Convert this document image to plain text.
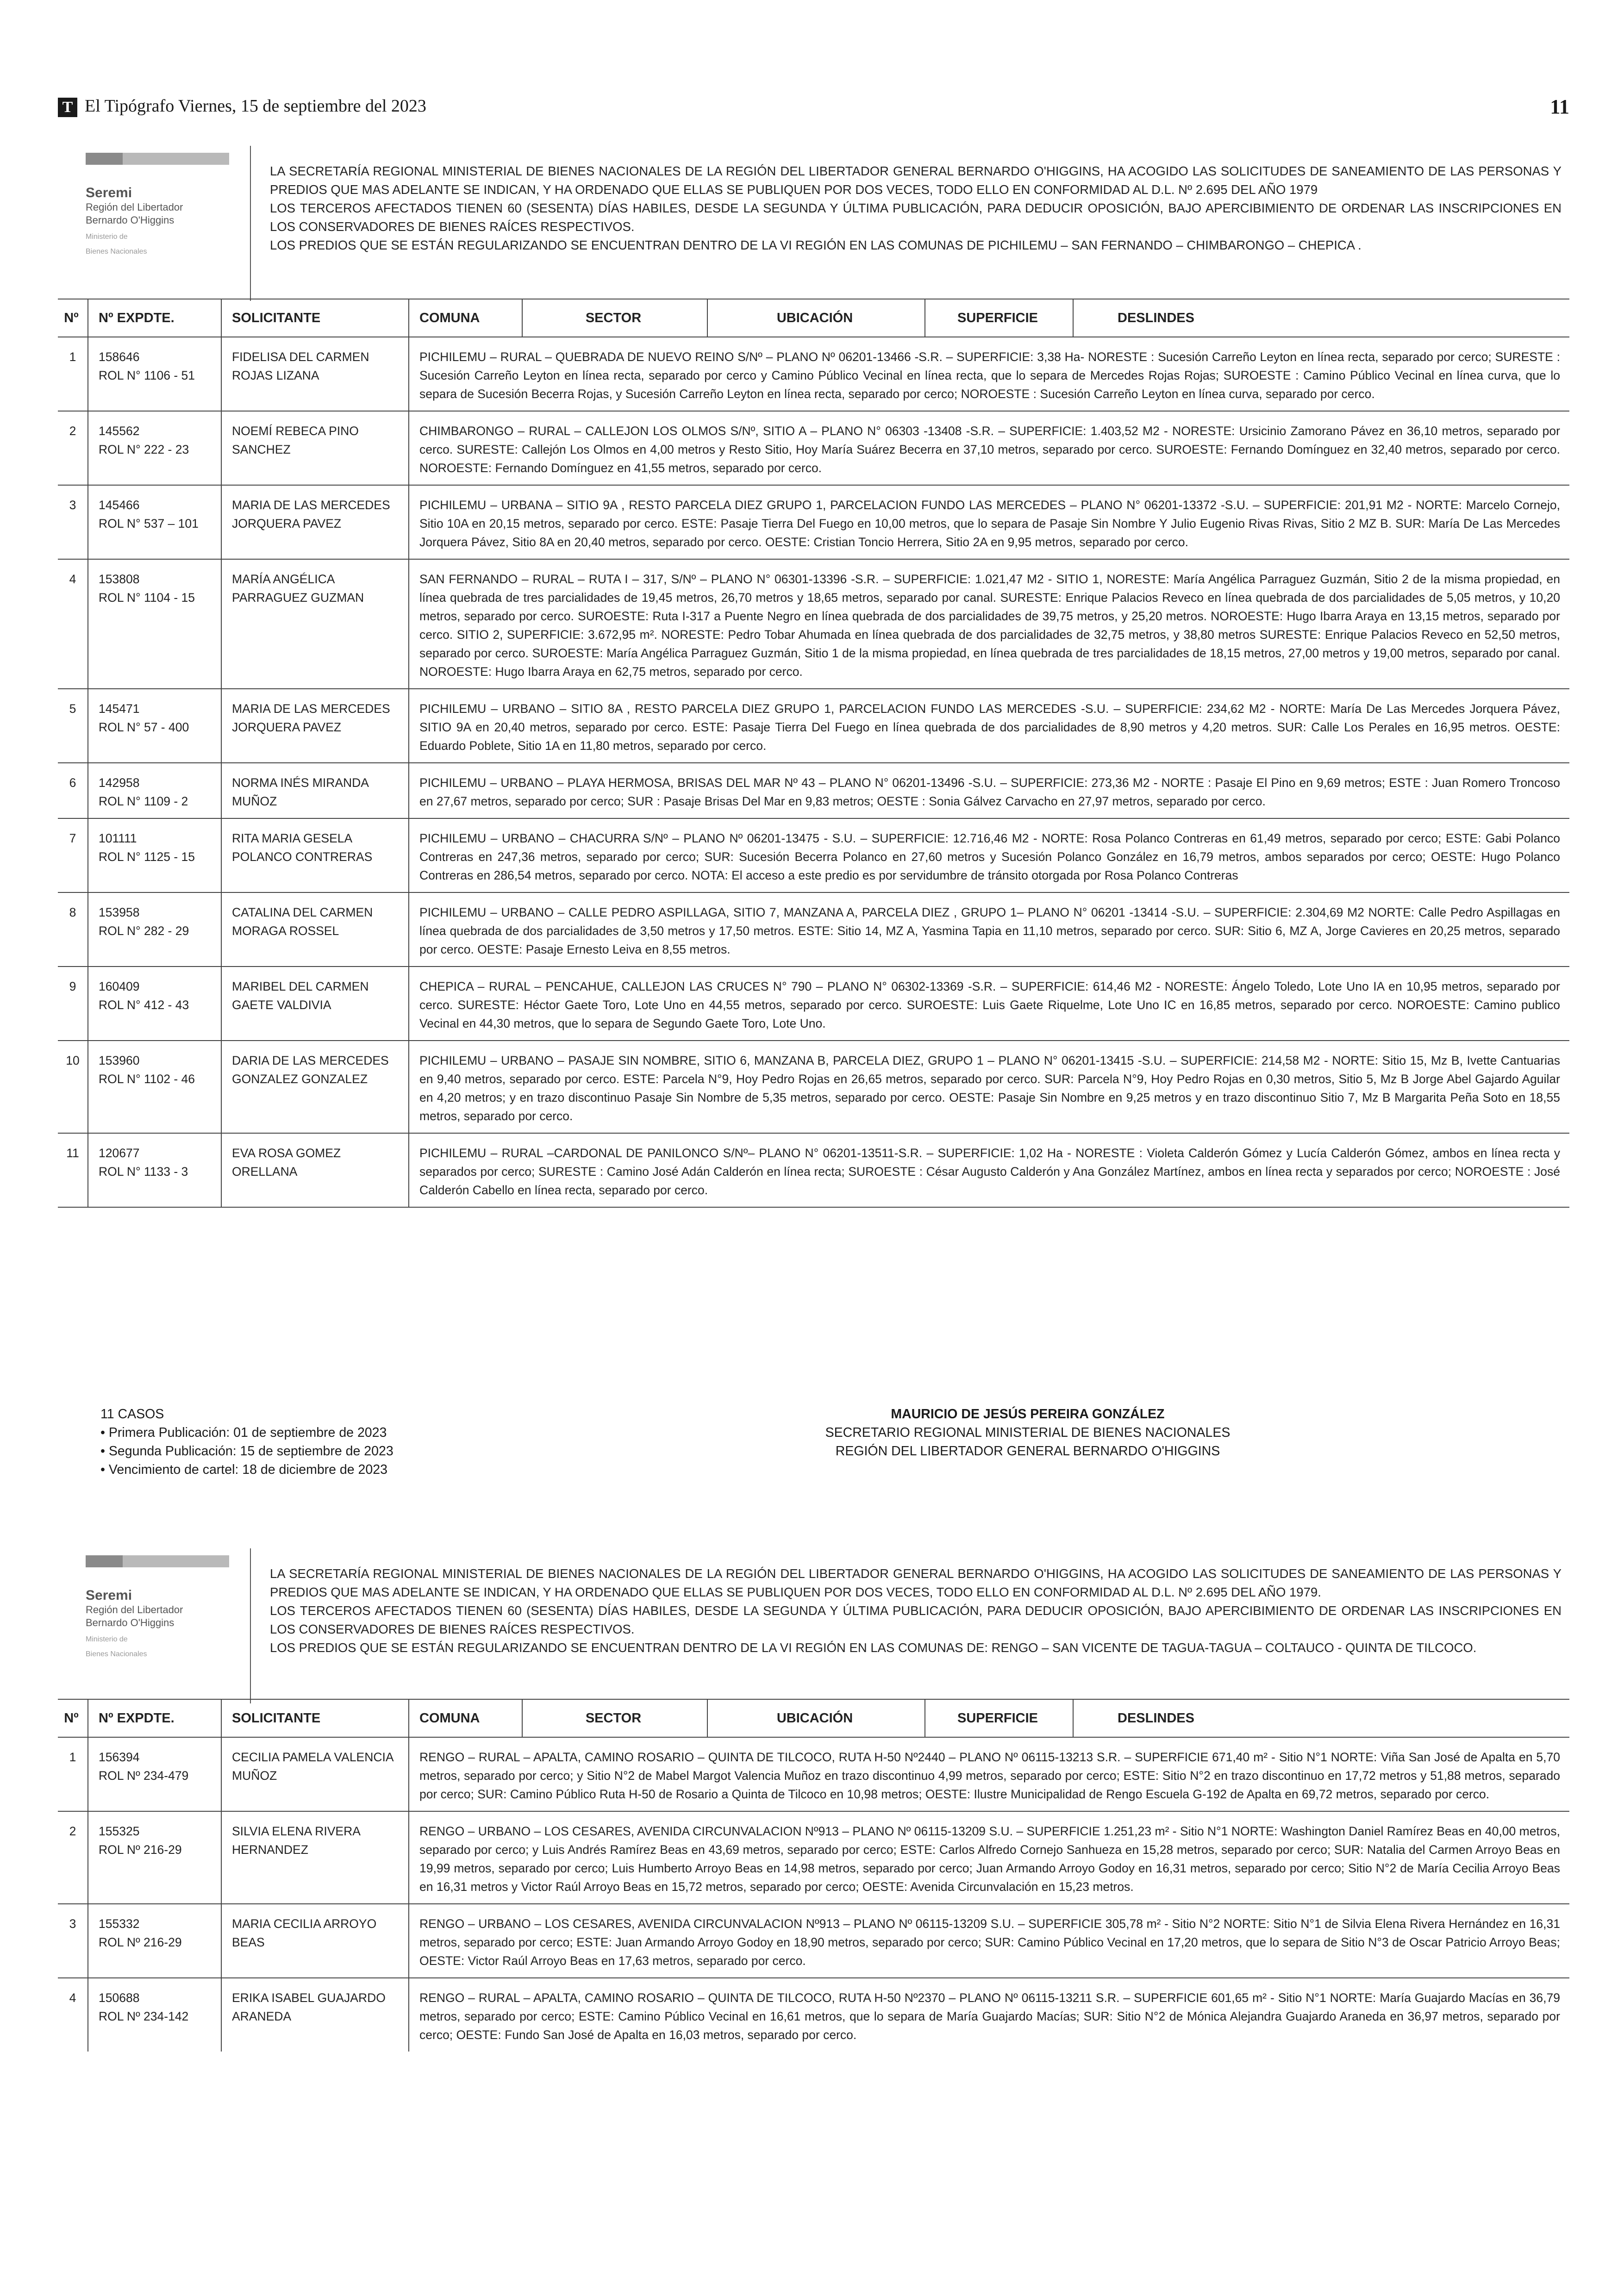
T El Tipógrafo Viernes, 15 de septiembre del 2023	11
Seremi
Región del Libertador
Bernardo O'Higgins
Ministerio de
Bienes Nacionales

LA SECRETARÍA REGIONAL MINISTERIAL DE BIENES NACIONALES DE LA REGIÓN DEL LIBERTADOR GENERAL BERNARDO O'HIGGINS, HA ACOGIDO LAS SOLICITUDES DE SANEAMIENTO DE LAS PERSONAS Y PREDIOS QUE MAS ADELANTE SE INDICAN, Y HA ORDENADO QUE ELLAS SE PUBLIQUEN POR DOS VECES, TODO ELLO EN CONFORMIDAD AL D.L. Nº 2.695 DEL AÑO 1979

LOS TERCEROS AFECTADOS TIENEN 60 (SESENTA) DÍAS HABILES, DESDE LA SEGUNDA Y ÚLTIMA PUBLICACIÓN, PARA DEDUCIR OPOSICIÓN, BAJO APERCIBIMIENTO DE ORDENAR LAS INSCRIPCIONES EN LOS CONSERVADORES DE BIENES RAÍCES RESPECTIVOS.

LOS PREDIOS QUE SE ESTÁN REGULARIZANDO SE ENCUENTRAN DENTRO DE LA VI REGIÓN EN LAS COMUNAS DE PICHILEMU – SAN FERNANDO – CHIMBARONGO – CHEPICA .

Nº	Nº EXPDTE.	SOLICITANTE	COMUNA	SECTOR	UBICACIÓN	SUPERFICIE	DESLINDES
1	158646
ROL N° 1106 - 51	FIDELISA DEL CARMEN ROJAS LIZANA	PICHILEMU – RURAL – QUEBRADA DE NUEVO REINO S/Nº – PLANO Nº 06201-13466 -S.R. – SUPERFICIE: 3,38 Ha- NORESTE : Sucesión Carreño Leyton en línea recta, separado por cerco; SURESTE : Sucesión Carreño Leyton en línea recta, separado por cerco y Camino Público Vecinal en línea recta, que lo separa de Mercedes Rojas Rojas; SUROESTE : Camino Público Vecinal en línea curva, que lo separa de Sucesión Becerra Rojas, y Sucesión Carreño Leyton en línea recta, separado por cerco; NOROESTE : Sucesión Carreño Leyton en línea curva, separado por cerco.				
2	145562
ROL N° 222 - 23	NOEMÍ REBECA PINO SANCHEZ	CHIMBARONGO – RURAL – CALLEJON LOS OLMOS S/Nº, SITIO A – PLANO N° 06303 -13408 -S.R. – SUPERFICIE: 1.403,52 M2 - NORESTE: Ursicinio Zamorano Pávez en 36,10 metros, separado por cerco. SURESTE: Callejón Los Olmos en 4,00 metros y Resto Sitio, Hoy María Suárez Becerra en 37,10 metros, separado por cerco. SUROESTE: Fernando Domínguez en 32,40 metros, separado por cerco. NOROESTE: Fernando Domínguez en 41,55 metros, separado por cerco.				
3	145466
ROL N° 537 – 101	MARIA DE LAS MERCEDES JORQUERA PAVEZ	PICHILEMU – URBANA – SITIO 9A , RESTO PARCELA DIEZ GRUPO 1, PARCELACION FUNDO LAS MERCEDES – PLANO N° 06201-13372 -S.U. – SUPERFICIE: 201,91 M2 - NORTE: Marcelo Cornejo, Sitio 10A en 20,15 metros, separado por cerco. ESTE: Pasaje Tierra Del Fuego en 10,00 metros, que lo separa de Pasaje Sin Nombre Y Julio Eugenio Rivas Rivas, Sitio 2 MZ B. SUR: María De Las Mercedes Jorquera Pávez, Sitio 8A en 20,40 metros, separado por cerco. OESTE: Cristian Toncio Herrera, Sitio 2A en 9,95 metros, separado por cerco.				
4	153808
ROL N° 1104 - 15	MARÍA ANGÉLICA PARRAGUEZ GUZMAN	SAN FERNANDO – RURAL – RUTA I – 317, S/Nº – PLANO N° 06301-13396 -S.R. – SUPERFICIE: 1.021,47 M2 - SITIO 1, NORESTE: María Angélica Parraguez Guzmán, Sitio 2 de la misma propiedad, en línea quebrada de tres parcialidades de 19,45 metros, 26,70 metros y 18,65 metros, separado por canal. SURESTE: Enrique Palacios Reveco en línea quebrada de dos parcialidades de 5,05 metros, y 10,20 metros, separado por cerco. SUROESTE: Ruta I-317 a Puente Negro en línea quebrada de dos parcialidades de 39,75 metros, y 25,20 metros. NOROESTE: Hugo Ibarra Araya en 13,15 metros, separado por cerco. SITIO 2, SUPERFICIE: 3.672,95 m². NORESTE: Pedro Tobar Ahumada en línea quebrada de dos parcialidades de 32,75 metros, y 38,80 metros SURESTE: Enrique Palacios Reveco en 52,50 metros, separado por cerco. SUROESTE: María Angélica Parraguez Guzmán, Sitio 1 de la misma propiedad, en línea quebrada de tres parcialidades de 18,15 metros, 27,00 metros y 19,00 metros, separado por canal. NOROESTE: Hugo Ibarra Araya en 62,75 metros, separado por cerco.				
5	145471
ROL N° 57 - 400	MARIA DE LAS MERCEDES JORQUERA PAVEZ	PICHILEMU – URBANO – SITIO 8A , RESTO PARCELA DIEZ GRUPO 1, PARCELACION FUNDO LAS MERCEDES -S.U. – SUPERFICIE: 234,62 M2 - NORTE: María De Las Mercedes Jorquera Pávez, SITIO 9A en 20,40 metros, separado por cerco. ESTE: Pasaje Tierra Del Fuego en línea quebrada de dos parcialidades de 8,90 metros y 4,20 metros. SUR: Calle Los Perales en 16,95 metros. OESTE: Eduardo Poblete, Sitio 1A en 11,80 metros, separado por cerco.				
6	142958
ROL N° 1109 - 2	NORMA INÉS MIRANDA MUÑOZ	PICHILEMU – URBANO – PLAYA HERMOSA, BRISAS DEL MAR Nº 43 – PLANO N° 06201-13496 -S.U. – SUPERFICIE: 273,36 M2 - NORTE : Pasaje El Pino en 9,69 metros; ESTE : Juan Romero Troncoso en 27,67 metros, separado por cerco; SUR : Pasaje Brisas Del Mar en 9,83 metros; OESTE : Sonia Gálvez Carvacho en 27,97 metros, separado por cerco.				
7	101111
ROL N° 1125 - 15	RITA MARIA GESELA POLANCO CONTRERAS	PICHILEMU – URBANO – CHACURRA S/Nº – PLANO Nº 06201-13475 - S.U. – SUPERFICIE: 12.716,46 M2 - NORTE: Rosa Polanco Contreras en 61,49 metros, separado por cerco; ESTE: Gabi Polanco Contreras en 247,36 metros, separado por cerco; SUR: Sucesión Becerra Polanco en 27,60 metros y Sucesión Polanco González en 16,79 metros, ambos separados por cerco; OESTE: Hugo Polanco Contreras en 286,54 metros, separado por cerco. NOTA: El acceso a este predio es por servidumbre de tránsito otorgada por Rosa Polanco Contreras				
8	153958
ROL N° 282 - 29	CATALINA DEL CARMEN MORAGA ROSSEL	PICHILEMU – URBANO – CALLE PEDRO ASPILLAGA, SITIO 7, MANZANA A, PARCELA DIEZ , GRUPO 1– PLANO N° 06201 -13414 -S.U. – SUPERFICIE: 2.304,69 M2 NORTE: Calle Pedro Aspillagas en línea quebrada de dos parcialidades de 3,50 metros y 17,50 metros. ESTE: Sitio 14, MZ A, Yasmina Tapia en 11,10 metros, separado por cerco. SUR: Sitio 6, MZ A, Jorge Cavieres en 20,25 metros, separado por cerco. OESTE: Pasaje Ernesto Leiva en 8,55 metros.				
9	160409
ROL N° 412 - 43	MARIBEL DEL CARMEN GAETE VALDIVIA	CHEPICA – RURAL – PENCAHUE, CALLEJON LAS CRUCES N° 790 – PLANO N° 06302-13369 -S.R. – SUPERFICIE: 614,46 M2 - NORESTE: Ángelo Toledo, Lote Uno IA en 10,95 metros, separado por cerco. SURESTE: Héctor Gaete Toro, Lote Uno en 44,55 metros, separado por cerco. SUROESTE: Luis Gaete Riquelme, Lote Uno IC en 16,85 metros, separado por cerco. NOROESTE: Camino publico Vecinal en 44,30 metros, que lo separa de Segundo Gaete Toro, Lote Uno.				
10	153960
ROL N° 1102 - 46	DARIA DE LAS MERCEDES GONZALEZ GONZALEZ	PICHILEMU – URBANO – PASAJE SIN NOMBRE, SITIO 6, MANZANA B, PARCELA DIEZ, GRUPO 1 – PLANO N° 06201-13415 -S.U. – SUPERFICIE: 214,58 M2 - NORTE: Sitio 15, Mz B, Ivette Cantuarias en 9,40 metros, separado por cerco. ESTE: Parcela N°9, Hoy Pedro Rojas en 26,65 metros, separado por cerco. SUR: Parcela N°9, Hoy Pedro Rojas en 0,30 metros, Sitio 5, Mz B Jorge Abel Gajardo Aguilar en 4,20 metros; y en trazo discontinuo Pasaje Sin Nombre de 5,35 metros, separado por cerco. OESTE: Pasaje Sin Nombre en 9,25 metros y en trazo discontinuo Sitio 7, Mz B Margarita Peña Soto en 18,55 metros, separado por cerco.				
11	120677
ROL N° 1133 - 3	EVA ROSA GOMEZ ORELLANA	PICHILEMU – RURAL –CARDONAL DE PANILONCO S/Nº– PLANO N° 06201-13511-S.R. – SUPERFICIE: 1,02 Ha - NORESTE : Violeta Calderón Gómez y Lucía Calderón Gómez, ambos en línea recta y separados por cerco; SURESTE : Camino José Adán Calderón en línea recta; SUROESTE : César Augusto Calderón y Ana González Martínez, ambos en línea recta y separados por cerco; NOROESTE : José Calderón Cabello en línea recta, separado por cerco.				
11 CASOS
• Primera Publicación: 01 de septiembre de 2023
• Segunda Publicación: 15 de septiembre de 2023
• Vencimiento de cartel: 18 de diciembre de 2023
MAURICIO DE JESÚS PEREIRA GONZÁLEZ
SECRETARIO REGIONAL MINISTERIAL DE BIENES NACIONALES
REGIÓN DEL LIBERTADOR GENERAL BERNARDO O'HIGGINS
Seremi
Región del Libertador
Bernardo O'Higgins
Ministerio de
Bienes Nacionales

LA SECRETARÍA REGIONAL MINISTERIAL DE BIENES NACIONALES DE LA REGIÓN DEL LIBERTADOR GENERAL BERNARDO O'HIGGINS, HA ACOGIDO LAS SOLICITUDES DE SANEAMIENTO DE LAS PERSONAS Y PREDIOS QUE MAS ADELANTE SE INDICAN, Y HA ORDENADO QUE ELLAS SE PUBLIQUEN POR DOS VECES, TODO ELLO EN CONFORMIDAD AL D.L. Nº 2.695 DEL AÑO 1979.

LOS TERCEROS AFECTADOS TIENEN 60 (SESENTA) DÍAS HABILES, DESDE LA SEGUNDA Y ÚLTIMA PUBLICACIÓN, PARA DEDUCIR OPOSICIÓN, BAJO APERCIBIMIENTO DE ORDENAR LAS INSCRIPCIONES EN LOS CONSERVADORES DE BIENES RAÍCES RESPECTIVOS.

LOS PREDIOS QUE SE ESTÁN REGULARIZANDO SE ENCUENTRAN DENTRO DE LA VI REGIÓN EN LAS COMUNAS DE: RENGO – SAN VICENTE DE TAGUA-TAGUA – COLTAUCO - QUINTA DE TILCOCO.

Nº	Nº EXPDTE.	SOLICITANTE	COMUNA	SECTOR	UBICACIÓN	SUPERFICIE	DESLINDES
1	156394
ROL Nº 234-479	CECILIA PAMELA VALENCIA MUÑOZ	RENGO – RURAL – APALTA, CAMINO ROSARIO – QUINTA DE TILCOCO, RUTA H-50 Nº2440 – PLANO Nº 06115-13213 S.R. – SUPERFICIE 671,40 m² - Sitio N°1 NORTE: Viña San José de Apalta en 5,70 metros, separado por cerco; y Sitio N°2 de Mabel Margot Valencia Muñoz en trazo discontinuo 4,99 metros, separado por cerco; ESTE: Sitio N°2 en trazo discontinuo en 17,72 metros y 51,88 metros, separado por cerco; SUR: Camino Público Ruta H-50 de Rosario a Quinta de Tilcoco en 10,98 metros; OESTE: Ilustre Municipalidad de Rengo Escuela G-192 de Apalta en 69,72 metros, separado por cerco.				
2	155325
ROL Nº 216-29	SILVIA ELENA RIVERA HERNANDEZ	RENGO – URBANO – LOS CESARES, AVENIDA CIRCUNVALACION Nº913 – PLANO Nº 06115-13209 S.U. – SUPERFICIE 1.251,23 m² - Sitio N°1 NORTE: Washington Daniel Ramírez Beas en 40,00 metros, separado por cerco; y Luis Andrés Ramírez Beas en 43,69 metros, separado por cerco; ESTE: Carlos Alfredo Cornejo Sanhueza en 15,28 metros, separado por cerco; SUR: Natalia del Carmen Arroyo Beas en 19,99 metros, separado por cerco; Luis Humberto Arroyo Beas en 14,98 metros, separado por cerco; Juan Armando Arroyo Godoy en 16,31 metros, separado por cerco; Sitio N°2 de María Cecilia Arroyo Beas en 16,31 metros y Victor Raúl Arroyo Beas en 15,72 metros, separado por cerco; OESTE: Avenida Circunvalación en 15,23 metros.				
3	155332
ROL Nº 216-29	MARIA CECILIA ARROYO BEAS	RENGO – URBANO – LOS CESARES, AVENIDA CIRCUNVALACION Nº913 – PLANO Nº 06115-13209 S.U. – SUPERFICIE 305,78 m² - Sitio N°2 NORTE: Sitio N°1 de Silvia Elena Rivera Hernández en 16,31 metros, separado por cerco; ESTE: Juan Armando Arroyo Godoy en 18,90 metros, separado por cerco; SUR: Camino Público Vecinal en 17,20 metros, que lo separa de Sitio N°3 de Oscar Patricio Arroyo Beas; OESTE: Victor Raúl Arroyo Beas en 17,63 metros, separado por cerco.				
4	150688
ROL Nº 234-142	ERIKA ISABEL GUAJARDO ARANEDA	RENGO – RURAL – APALTA, CAMINO ROSARIO – QUINTA DE TILCOCO, RUTA H-50 Nº2370 – PLANO Nº 06115-13211 S.R. – SUPERFICIE 601,65 m² - Sitio N°1 NORTE: María Guajardo Macías en 36,79 metros, separado por cerco; ESTE: Camino Público Vecinal en 16,61 metros, que lo separa de María Guajardo Macías; SUR: Sitio N°2 de Mónica Alejandra Guajardo Araneda en 36,97 metros, separado por cerco; OESTE: Fundo San José de Apalta en 16,03 metros, separado por cerco.				
